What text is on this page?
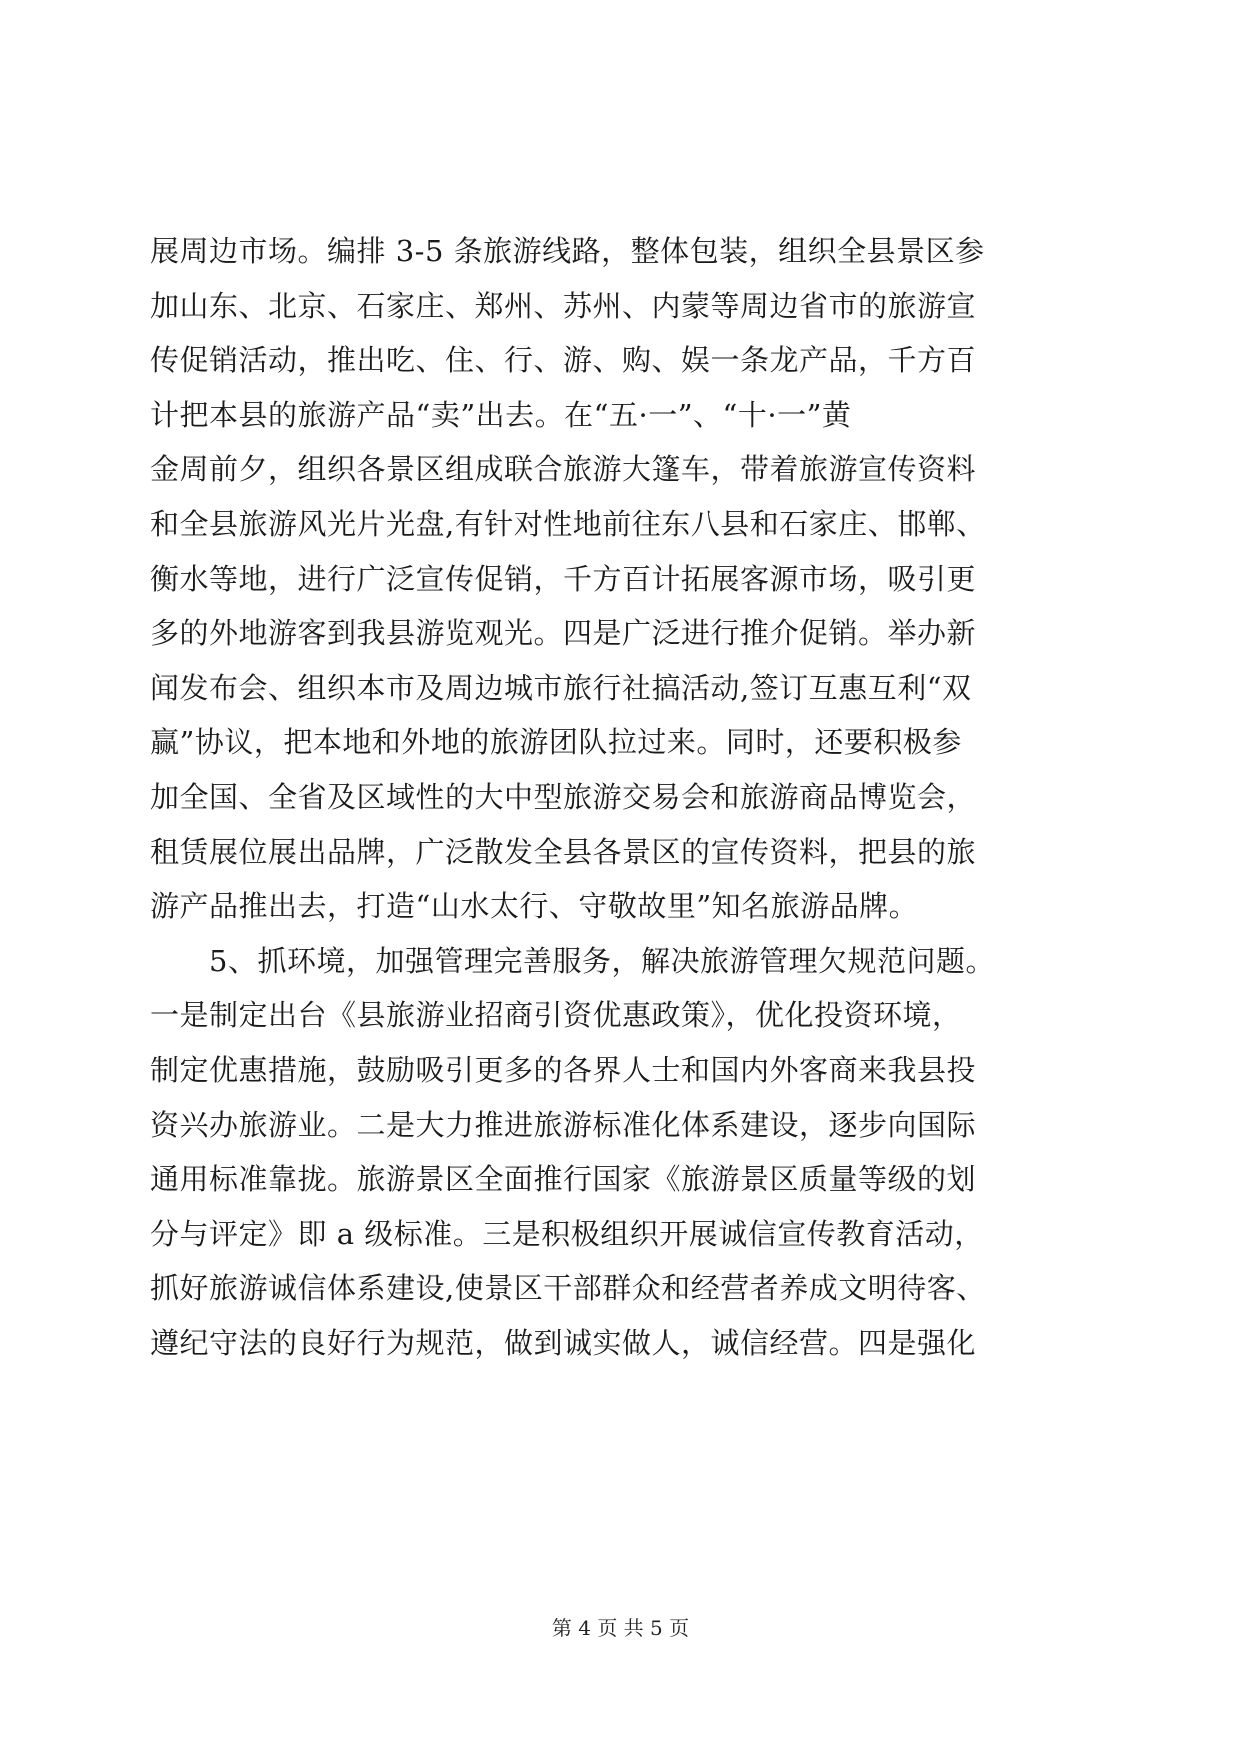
展周边市场。编排 3-5 条旅游线路，整体包装，组织全县景区参
加山东、北京、石家庄、郑州、苏州、内蒙等周边省市的旅游宣
传促销活动，推出吃、住、行、游、购、娱一条龙产品，千方百
计把本县的旅游产品“卖”出去。在“五·一”、“十·一”黄
金周前夕，组织各景区组成联合旅游大篷车，带着旅游宣传资料
和全县旅游风光片光盘,有针对性地前往东八县和石家庄、邯郸、
衡水等地，进行广泛宣传促销，千方百计拓展客源市场，吸引更
多的外地游客到我县游览观光。四是广泛进行推介促销。举办新
闻发布会、组织本市及周边城市旅行社搞活动,签订互惠互利“双
赢”协议，把本地和外地的旅游团队拉过来。同时，还要积极参
加全国、全省及区域性的大中型旅游交易会和旅游商品博览会，
租赁展位展出品牌，广泛散发全县各景区的宣传资料，把县的旅
游产品推出去，打造“山水太行、守敬故里”知名旅游品牌。
　　5、抓环境，加强管理完善服务，解决旅游管理欠规范问题。
一是制定出台《县旅游业招商引资优惠政策》，优化投资环境，
制定优惠措施，鼓励吸引更多的各界人士和国内外客商来我县投
资兴办旅游业。二是大力推进旅游标准化体系建设，逐步向国际
通用标准靠拢。旅游景区全面推行国家《旅游景区质量等级的划
分与评定》即 a 级标准。三是积极组织开展诚信宣传教育活动，
抓好旅游诚信体系建设,使景区干部群众和经营者养成文明待客、
遵纪守法的良好行为规范，做到诚实做人，诚信经营。四是强化
第 4 页 共 5 页
